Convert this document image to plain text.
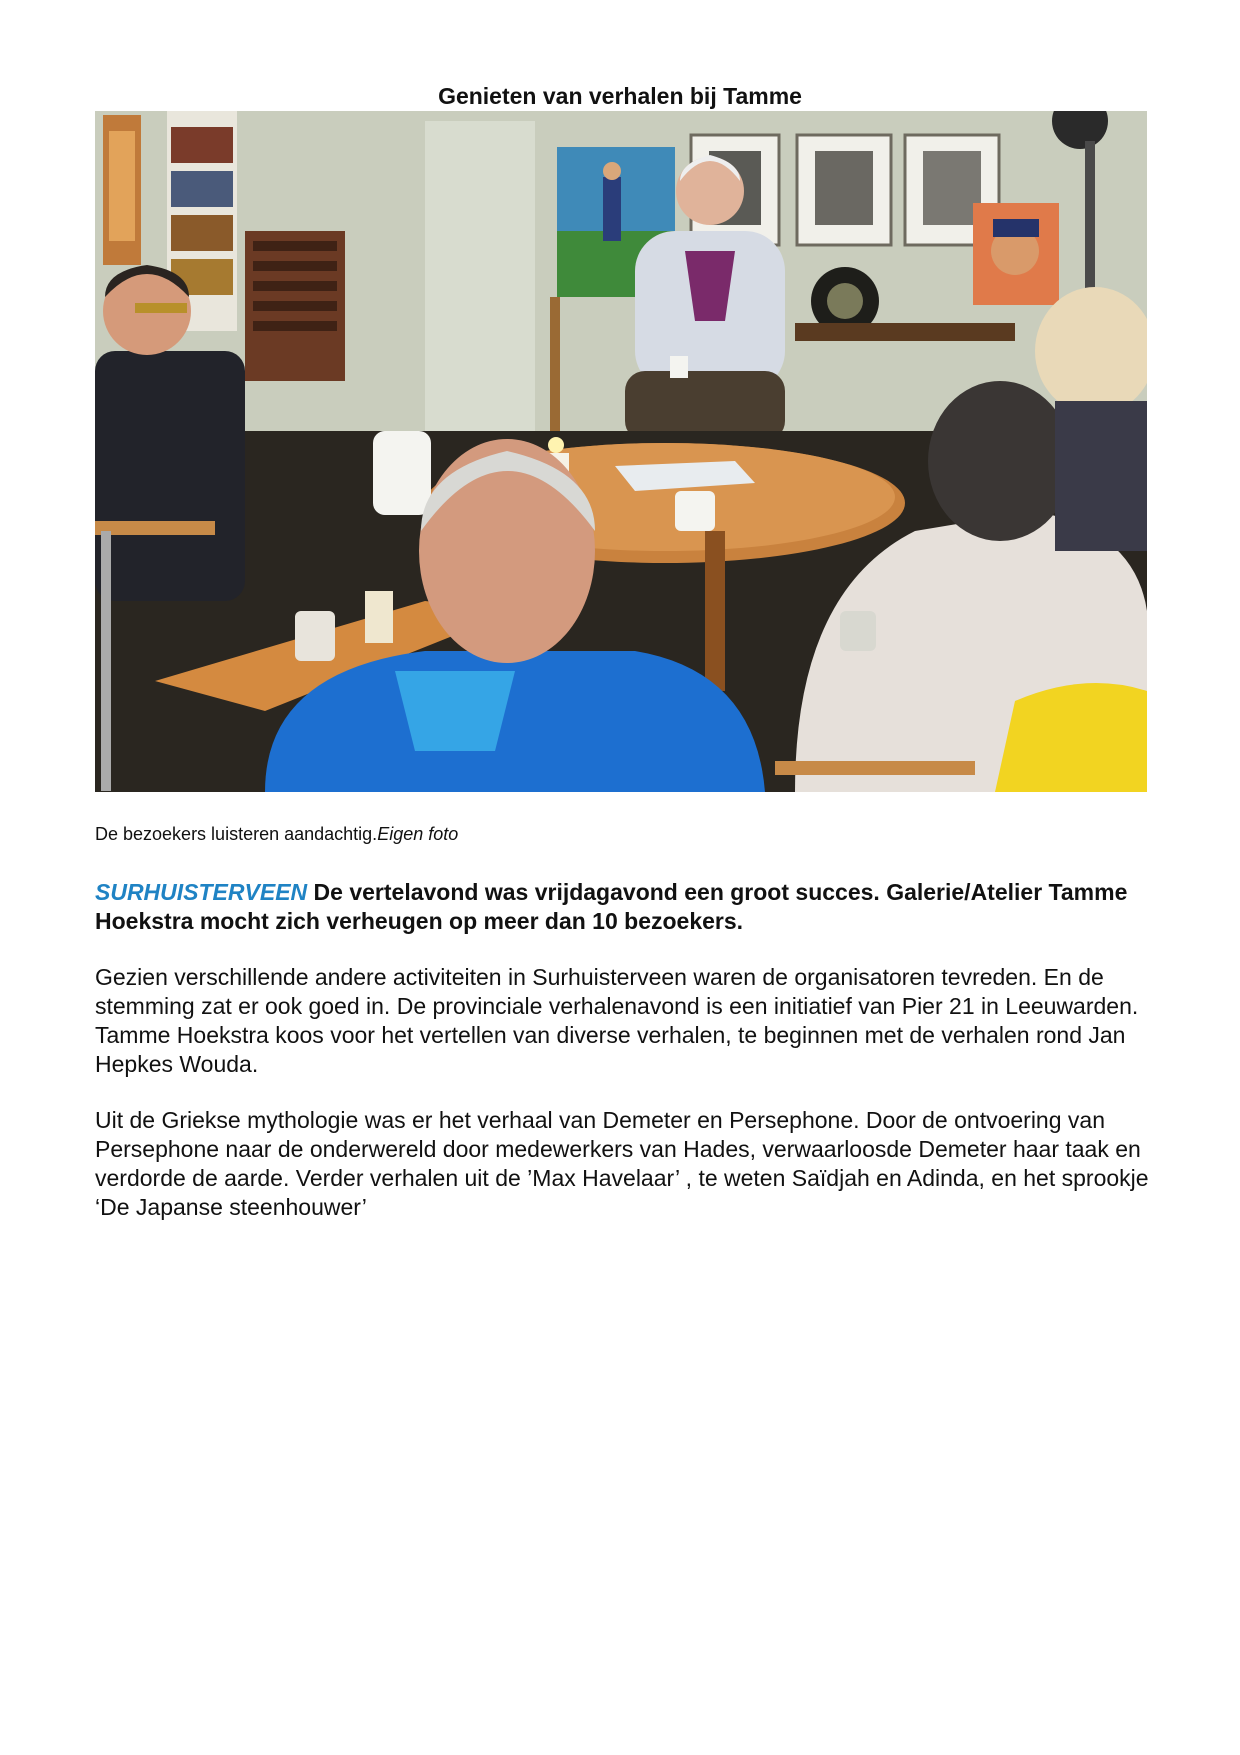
Genieten van verhalen bij Tamme

De bezoekers luisteren aandachtig.Eigen foto

SURHUISTERVEEN De vertelavond was vrijdagavond een groot succes. Galerie/Atelier Tamme Hoekstra mocht zich verheugen op meer dan 10 bezoekers.

Gezien verschillende andere activiteiten in Surhuisterveen waren de organisatoren tevreden. En de stemming zat er ook goed in. De provinciale verhalenavond is een initiatief van Pier 21 in Leeuwarden. Tamme Hoekstra koos voor het vertellen van diverse verhalen, te beginnen met de verhalen rond Jan Hepkes Wouda.

Uit de Griekse mythologie was er het verhaal van Demeter en Persephone. Door de ontvoering van Persephone naar de onderwereld door medewerkers van Hades, verwaarloosde Demeter haar taak en verdorde de aarde. Verder verhalen uit de ’Max Havelaar’ , te weten Saïdjah en Adinda, en het sprookje ‘De Japanse steenhouwer’
